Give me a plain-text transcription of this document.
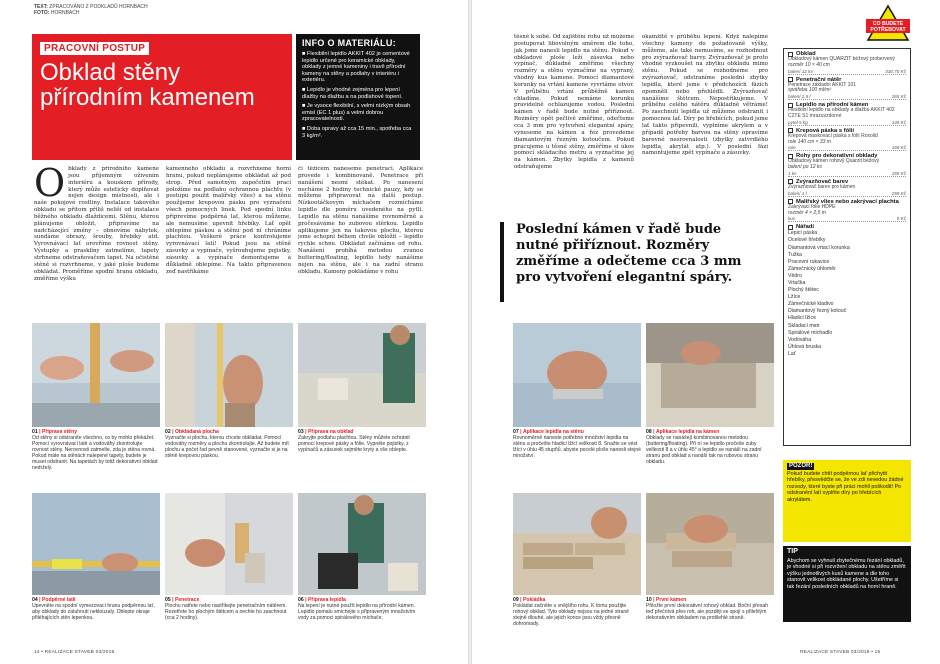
TEXT: ZPRACOVÁNO Z PODKLADŮ HORNBACH
FOTO: HORNBACH
PRACOVNÍ POSTUP
Obklad stěny
přírodním kamenem
INFO O MATERIÁLU:
■ Flexibilní lepidlo AKKIT 402 je cementové lepidlo určené pro keramické obklady, obklady z jemné kameniny i travě přírodní kameny na stěny a podlahy v interiéru i exteriéru.
■ Lepidlo je vhodné zejména pro lepení dlažby na dlažbu a na podlahové topení.
■ Je vysoce flexibilní, s velmi nízkým obsah emisí (EC 1 plus) a velmi dobrou zpracovatelností.
■ Doba opravy až cca 15 min., spotřeba cca 3 kg/m².
Obklady z přírodního kamene jsou příjemným oživením interiéru a kouskem přírody, který může esteticky doplňovat nejen design místnosti, ale i naše pokojové rostliny. Instalace takového obkladu se přitom příliš neliší od instalace běžného obkladu dlaždicemi. Stěnu, kterou plánujeme obložit, připravíme na nadcházející změny – obnovíme nábytek, sundáme obrazy, šrouby, hřebíky atd. Vyrovnávací lať orovříme rovnost stěny. Výstupky a praskliny zatmelíme, tapety strhneme odstraňovačem tapet. Na očistěné stěně si rozvrhneme, v jaké ploše budeme obkládat. Proměříme spodní hranu obkladu, změříme výšku
kamenného obkladu a rozvrhneme horní hranu, pokud neplánujeme obkládat až pod strop. Před samotným započetím prací položíme na podlahu ochrannou plachtu (v postupu použit malířský vlies) a na stěnu použijeme krepovou pásku pro vyznačení všech pomocných linek. Pod spodní linku připrevíme podpěrná lať, kterou můžeme, ale nemusíme upevnit hřebíky. Lať opět oblepíme páskou a stěnu pod ní chráníme plachtou. Veškeré práce kontrolujeme vyrovnávací latí! Pokud jsou na stěně zásuvky a vypínače, vyšroubujeme pojistky, zásuvky a vypínače demontujeme a důkladně oblepíme. Na takto připravenou zeď nastříkáme
či těžícem naneseme penetraci. Aplikace provede i kombinovaně. Penetrace při nanášení nesmí stékat. Po nanesení necháme 2 hodiny technické pauzy, kdy se můžeme připravovat na další postup. Nízkootáčkovým míchačem rozmícháme lepidlo dle poměru uvedeného na pytli. Lepidlo na stěnu nanášíme rovnoměrně a pročesáváme ho zubovou stěrkou. Lepidlo aplikujeme jen na takovou plochu, kterou jsme schopni během chvíle obložit – lepidlo rychle schne. Obkládat začínáme od rohu. Nanášení probíhá metodou zvanou buttering/floating, lepidlo tedy nanášíme nejen na stěnu, ale i na zadní stranu obkladu. Kameny pokládáme v rohu
těsně k sobě. Od zajištění rohu už můžeme postupovat libovolným směrem dle toho, jak jsme nanesli lepidlo na stěnu. Pokud v obkladové ploše leží zásuvka nebo vypínač, důkladně změříme všechny rozměry a stěnu vyznačíme na vypraný, vhodný kus kamene. Pomocí diamantové korunky na vrtání kamene vyvrtáme otvor. V průběhu vrtání průběžně kamen chladíme. Pokud nemáme korunku pravidelně ochlazujeme vodou. Poslední kámen v řadě bude nutné přiříznout. Rozměry opět pečlivě změříme, odečteme cca 3 mm pro vytvoření elegantní spáry, vyneseme na kámen a řez provedeme diamantovým řezným kotoučem. Pokud pracujeme u těsné stěny, změříme si úkos pomocí skládacího metru a vyznačíme jej na kámen. Zbytky lepidla z kamenů odstraňujeme
okamžitě v průběhu lepení. Když nalepíme všechny kameny do požadované výšky, můžeme, ale také nemusíme, se rozhodnout pro zvýrazňovač barvy. Zvýrazňovač je proto vhodné vyzkoušet na zbytku obkladu mimo stěnu. Pokud se rozhodneme pro zvýrazňovač, odstraníme poslední zbytky lepidla, které jsme v předchozích fázích opomněli nebo přehlédli. Zvýrazňovač nanášíme štětcem. Nepostřikujeme. V průběhu celého nátěru důkladně větráme! Po zaschnutí lepidla už můžeme odstranit i pomocnou lať. Díry po hřebících, pokud jsme lať takto připevnili, vyplníme akrylem a v případě potřeby barvou na stěny opravíme barevné nesrovnalosti (zbytky zatvrdlého lepidla, akrylát atp.). V poslední fázi namontujeme zpět vypínače a zásuvky.
Poslední kámen v řadě bude nutné přiříznout. Rozměry změříme a odečteme cca 3 mm pro vytvoření elegantní spáry.
01 | Příprava stěny
Od stěny si odstraníte všechno, co by mohlo překážet. Pomocí vyrovnávací latě a vodováhy zkontrolujte rovnost stěny. Nerovnosti zatmelte, zda je stěna rovná. Pokud máte na stěnách nalepené tapety, budete je muset odstranit. Na tapetách by totiž dekorativní obklad nedržely.
02 | Obkládaná plocha
Vyznačte si plochu, kterou chcete obkládat. Pomocí vodováhy rozměry a plochu zkontrolujte. Až budete mít plochu a počet řad pevně stanovené, vyznačte si je na stěně krepovou páskou.
03 | Příprava na obklad
Zakryjte podlahu plachtou. Stěny můžete ochránit pomocí krepové pásky a fólie. Vypněte pojistky, z vypínačů a zásuvek sejměte kryty a vše oblepte.
04 | Podpěrné latě
Upevněte na spodní vymezovací hranu podpěrnou lať, aby obklady do zatuhnutí neklouzaly. Oblepte okraje přiléhajících stěn lepenkou.
05 | Penetrace
Plochu natřete nebo nastříkejte penetračním nátěrem. Rozetřete ho plochým štětcem a nechte ho zaschnout (cca 2 hodiny).
06 | Příprava lepidla
Na lepení je nutné použít lepidlo na přírodní kámen. Lepidlo pomalu smíchejte s připraveným množstvím vody za pomoci spirálového míchače.
07 | Aplikace lepidla na stěnu
Rovnoměrně naneste potřebné množství lepidla na stěnu a pročešte hladicí lžící velikosti 8. Snažte se vést lžíci v úhlu 45 stupňů, abyste pocelé ploše nanesli stejné množství.
08 | Aplikace lepidla na kámen
Obklady se nanášejí kombinovanou metodou (buttering/floating). Při ní se lepidlo pročeše zuby velikosti 8 a v úhlu 45° a lepidlo se nanáší na zadní stranu pod obklad a nanáší tak na rubovou stranu obkladu.
09 | Pokládka
Pokládat začněte u vnějšího rohu. K tomu použijte rohový obklad. Tyto obklady nejsou na jedné straně stejně dlouhé, ale jejich konce jsou vždy přesně dohromady.
10 | První kámen
Přiložte první dekorativní rohový obklad. Boční přesah teď přečnívá přes roh, ale později se spojí s přilehlým dekorativním obkladem na protilehlé straně.
CO BUDETE
POTŘEBOVAT
Obklad
Obkladový kámen QUARZIT béžový probervený
rozměr 10 × 40 cm
balení 12 ks	330,70 Kč
Penetrační nátěr
Penetrace základní AKKIT 101
spotřeba 100 ml/m²
balení 2,5 l	265 Kč
Lepidlo na přírodní kámen
Flexibilní lepidlo na obklady a dlažbu AKKIT 402 C2TE S1 mrazuvzdorné
pytel 5 kg	149 Kč
Krepová páska s fólií
Krepová maskovací páska s fólií Roxolid
role 140 cm × 33 m
role	169 Kč
Rohy pro dekorativní obklady
Obkladový kámen rohový Quarzit béžový
balení po 12 ks
1 ks	159 Kč
Zvýrazňovač barev
Zvýrazňovač barev pro kámen
balení 1 l	259 Kč
Malířský vlies nebo zakrývací plachta
Zakrývací fólie HDPE
rozměr 4 × 2,5 m
kus	9 Kč
Nářadí
Lepicí páska
Ocelové hřebíky
Diamantová vrtací korunka
Tužka
Pracovní rukavice
Zámečnický úhloměr
Vědro
Vrtačka
Plochý štětec
Lžíce
Zámečnické kladivo
Diamantový řezný kotouč
Hladicí lžíce
Skládací metr
Spirálové míchadlo
Vodováha
Úhlová bruska
Lať
POZOR!
Pokud budete chtít podpěrnou lať přichytit hřebíky, přesvědčte se, že ve zdi nevedou žádné rozvody, které byste při práci mohli poškodit! Po odstranění latí vyplňte díry po hřebících akrylátem.
TIP
Abychom se vyhnuli zbytečnému řezání obkladů, je vhodné si při rozvržení obkladu na stěnu změřit výšku jednotlivých kusů kamene a dle toho stanovit velikost obkládané plochy. Ušetříme si tak řezání posledních obkladů na horní hraně.
14 • REALIZACE STAVEB 03/2018	REALIZACE STAVEB 03/2018 • 15
